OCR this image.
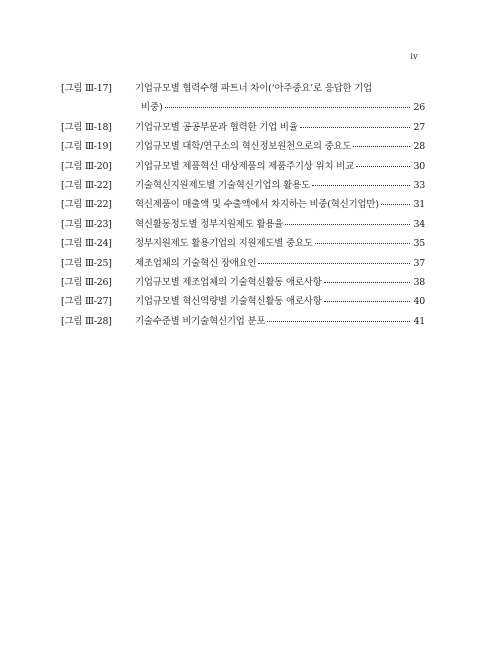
iv
[그림 Ⅲ-17]	기업규모별 협력수행 파트너 차이(‘아주중요’로 응답한 기업
비중)	26
[그림 Ⅲ-18]	기업규모별 공공부문과 협력한 기업 비율	27
[그림 Ⅲ-19]	기업규모별 대학/연구소의 혁신정보원천으로의 중요도	28
[그림 Ⅲ-20]	기업규모별 제품혁신 대상제품의 제품주기상 위치 비교	30
[그림 Ⅲ-22]	기술혁신지원제도별 기술혁신기업의 활용도	33
[그림 Ⅲ-22]	혁신제품이 매출액 및 수출액에서 차지하는 비중(혁신기업만)	31
[그림 Ⅲ-23]	혁신활동정도별 정부지원제도 활용율	34
[그림 Ⅲ-24]	정부지원제도 활용기업의 지원제도별 중요도	35
[그림 Ⅲ-25]	제조업체의 기술혁신 장애요인	37
[그림 Ⅲ-26]	기업규모별 제조업체의 기술혁신활동 애로사항	38
[그림 Ⅲ-27]	기업규모별 혁신역량별 기술혁신활동 애로사항	40
[그림 Ⅲ-28]	기술수준별 비기술혁신기업 분포	41
